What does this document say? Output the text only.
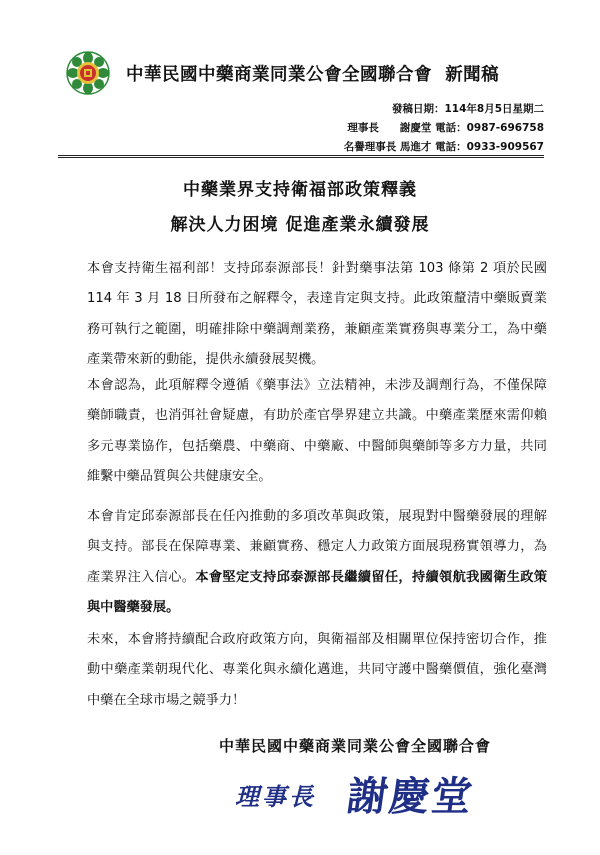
中華民國中藥商業同業公會全國聯合會 新聞稿
發稿日期：114年8月5日星期二
理事長　　謝慶堂 電話：0987-696758
名譽理事長 馬進才 電話：0933-909567
中藥業界支持衛福部政策釋義
解決人力困境 促進產業永續發展
本會支持衛生福利部！支持邱泰源部長！針對藥事法第 103 條第 2 項於民國 114 年 3 月 18 日所發布之解釋令，表達肯定與支持。此政策釐清中藥販賣業務可執行之範圍，明確排除中藥調劑業務，兼顧產業實務與專業分工，為中藥產業帶來新的動能，提供永續發展契機。
本會認為，此項解釋令遵循《藥事法》立法精神，未涉及調劑行為，不僅保障藥師職責，也消弭社會疑慮，有助於產官學界建立共識。中藥產業歷來需仰賴多元專業協作，包括藥農、中藥商、中藥廠、中醫師與藥師等多方力量，共同維繫中藥品質與公共健康安全。
本會肯定邱泰源部長在任內推動的多項改革與政策，展現對中醫藥發展的理解與支持。部長在保障專業、兼顧實務、穩定人力政策方面展現務實領導力，為產業界注入信心。本會堅定支持邱泰源部長繼續留任，持續領航我國衛生政策與中醫藥發展。
未來，本會將持續配合政府政策方向，與衛福部及相關單位保持密切合作，推動中藥產業朝現代化、專業化與永續化邁進，共同守護中醫藥價值，強化臺灣中藥在全球市場之競爭力！
中華民國中藥商業同業公會全國聯合會
理事長 謝慶堂
